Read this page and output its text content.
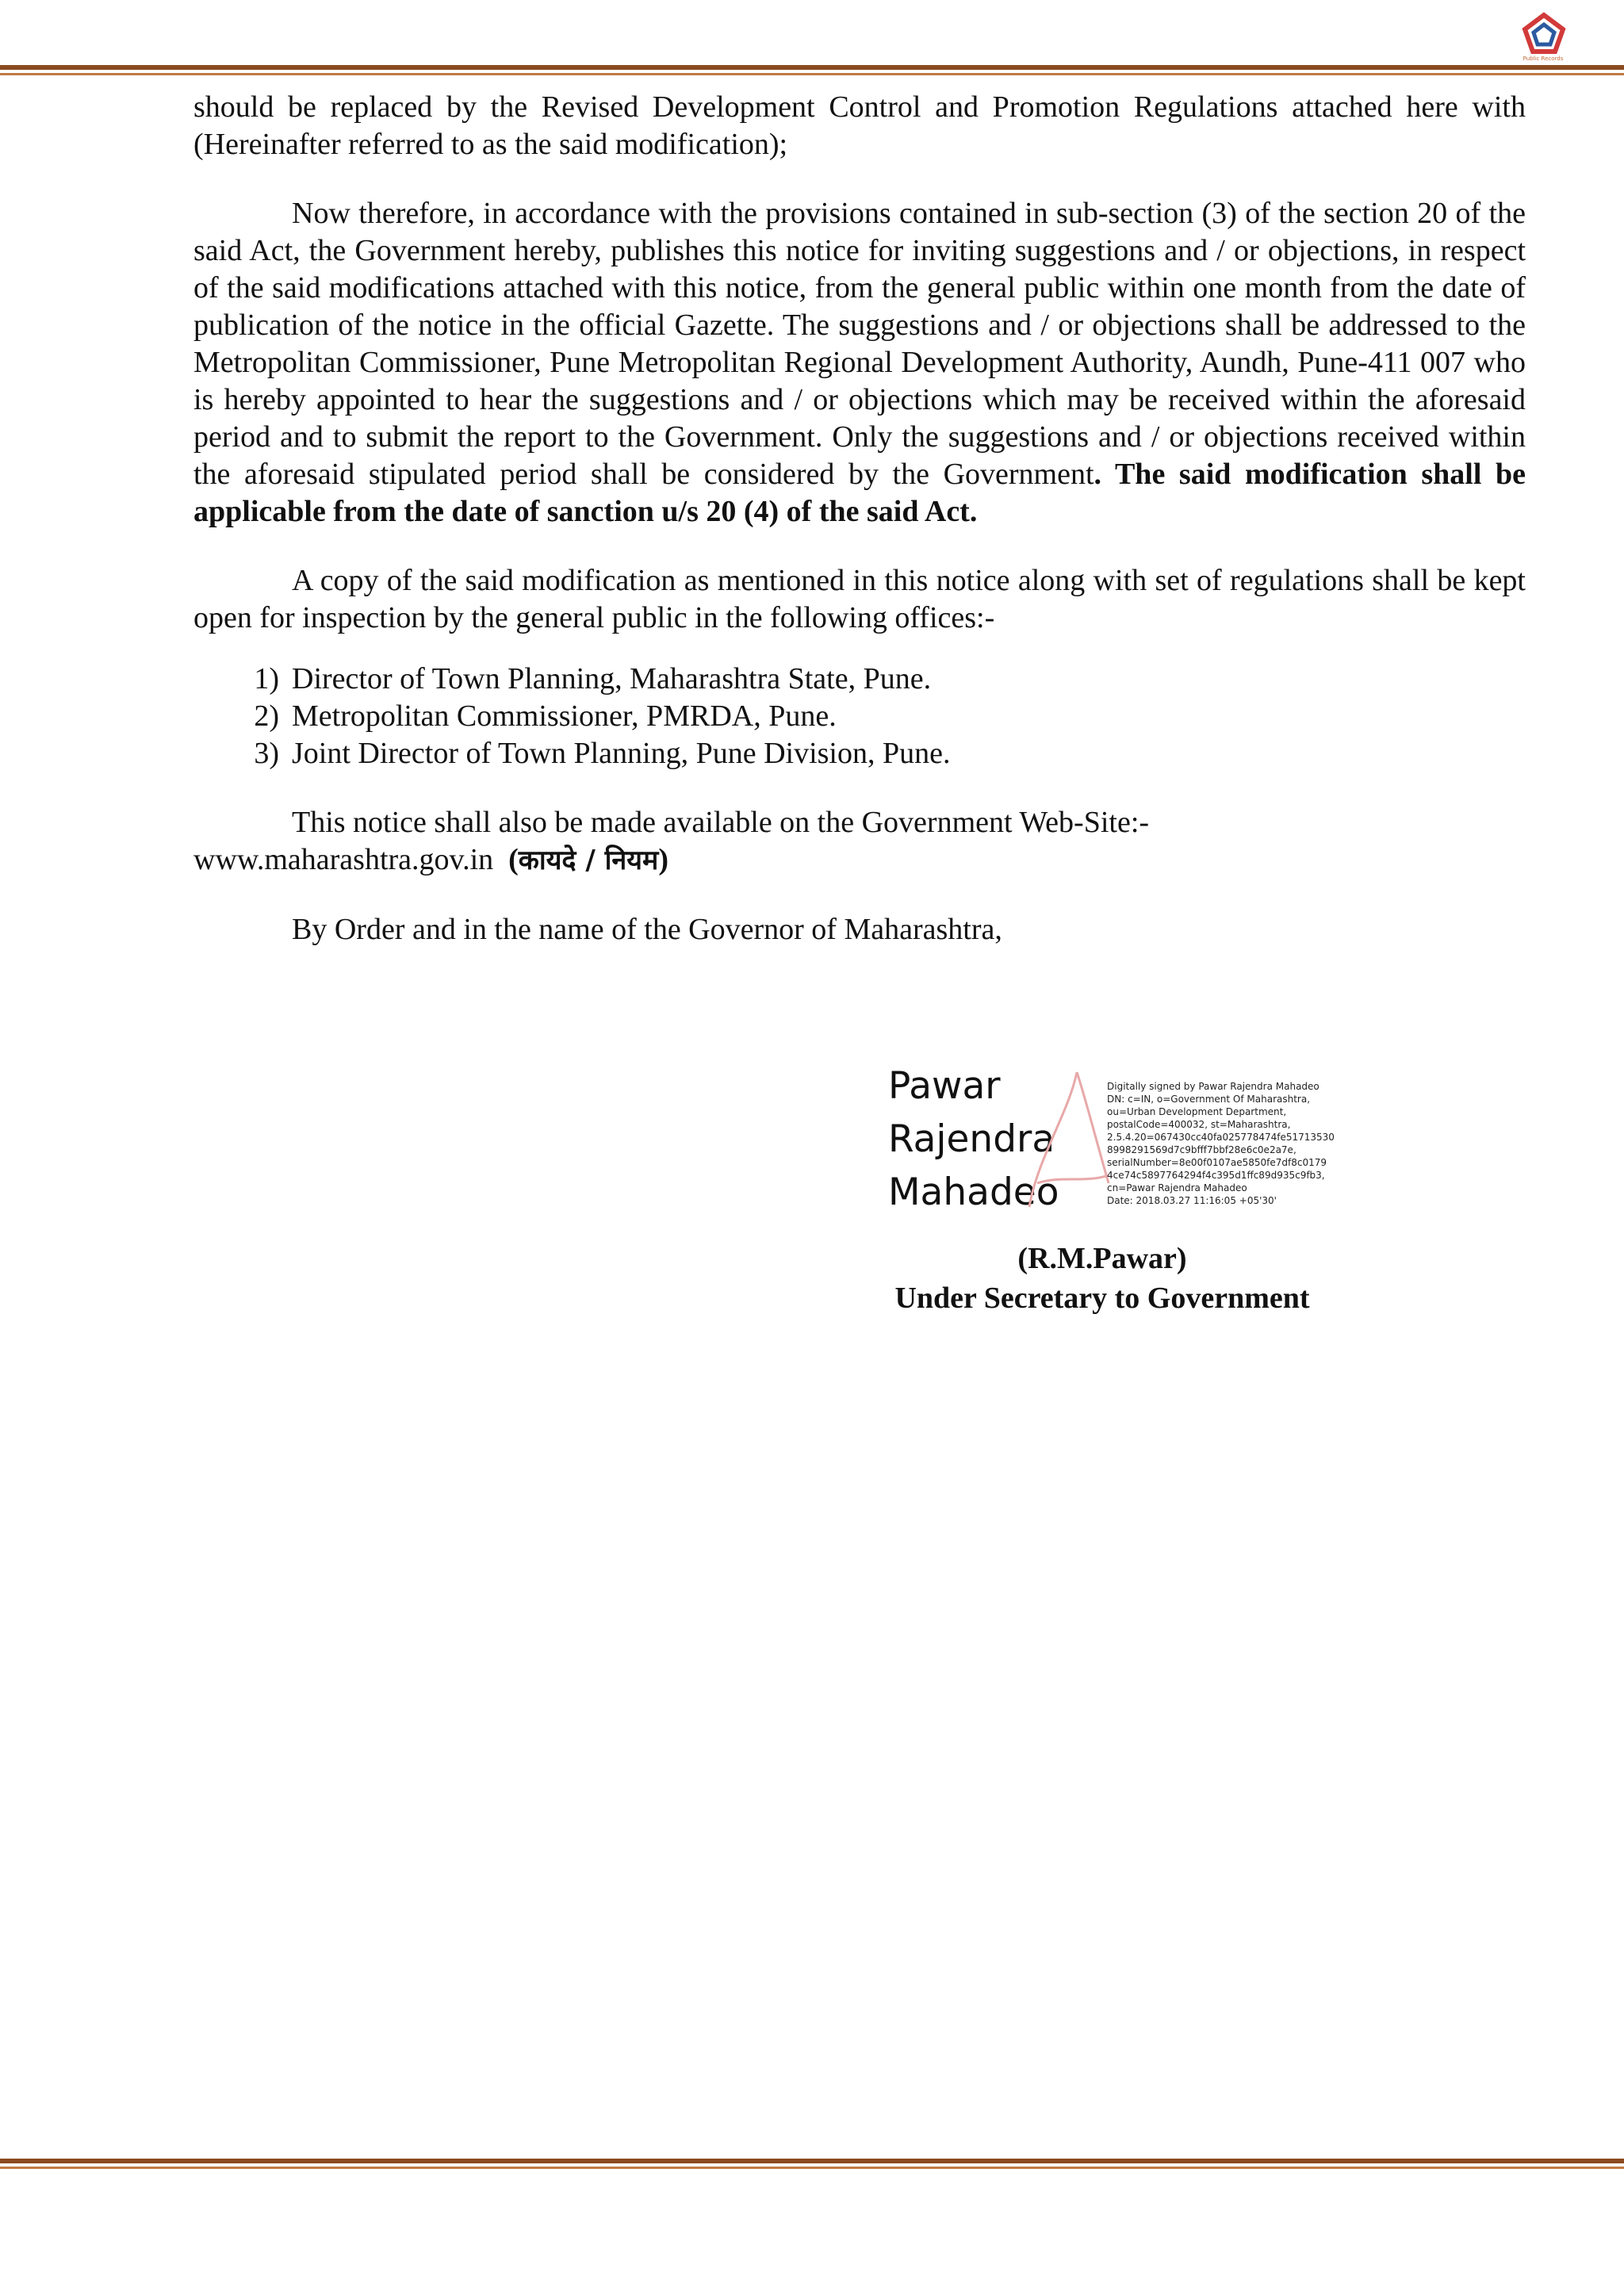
Public Records

should be replaced by the Revised Development Control and Promotion Regulations attached here with (Hereinafter referred to as the said modification);

Now therefore, in accordance with the provisions contained in sub-section (3) of the section 20 of the said Act, the Government hereby, publishes this notice for inviting suggestions and / or objections, in respect of the said modifications attached with this notice, from the general public within one month from the date of publication of the notice in the official Gazette. The suggestions and / or objections shall be addressed to the Metropolitan Commissioner, Pune Metropolitan Regional Development Authority, Aundh, Pune-411 007 who is hereby appointed to hear the suggestions and / or objections which may be received within the aforesaid period and to submit the report to the Government. Only the suggestions and / or objections received within the aforesaid stipulated period shall be considered by the Government. The said modification shall be applicable from the date of sanction u/s 20 (4) of the said Act.

A copy of the said modification as mentioned in this notice along with set of regulations shall be kept open for inspection by the general public in the following offices:-

1) Director of Town Planning, Maharashtra State, Pune.
2) Metropolitan Commissioner, PMRDA, Pune.
3) Joint Director of Town Planning, Pune Division, Pune.

This notice shall also be made available on the Government Web-Site:-

www.maharashtra.gov.in (कायदे / नियम)

By Order and in the name of the Governor of Maharashtra,

Pawar
Rajendra
Mahadeo
Digitally signed by Pawar Rajendra Mahadeo
DN: c=IN, o=Government Of Maharashtra,
ou=Urban Development Department,
postalCode=400032, st=Maharashtra,
2.5.4.20=067430cc40fa025778474fe51713530
8998291569d7c9bfff7bbf28e6c0e2a7e,
serialNumber=8e00f0107ae5850fe7df8c0179
4ce74c5897764294f4c395d1ffc89d935c9fb3,
cn=Pawar Rajendra Mahadeo
Date: 2018.03.27 11:16:05 +05'30'
(R.M.Pawar)
Under Secretary to Government
